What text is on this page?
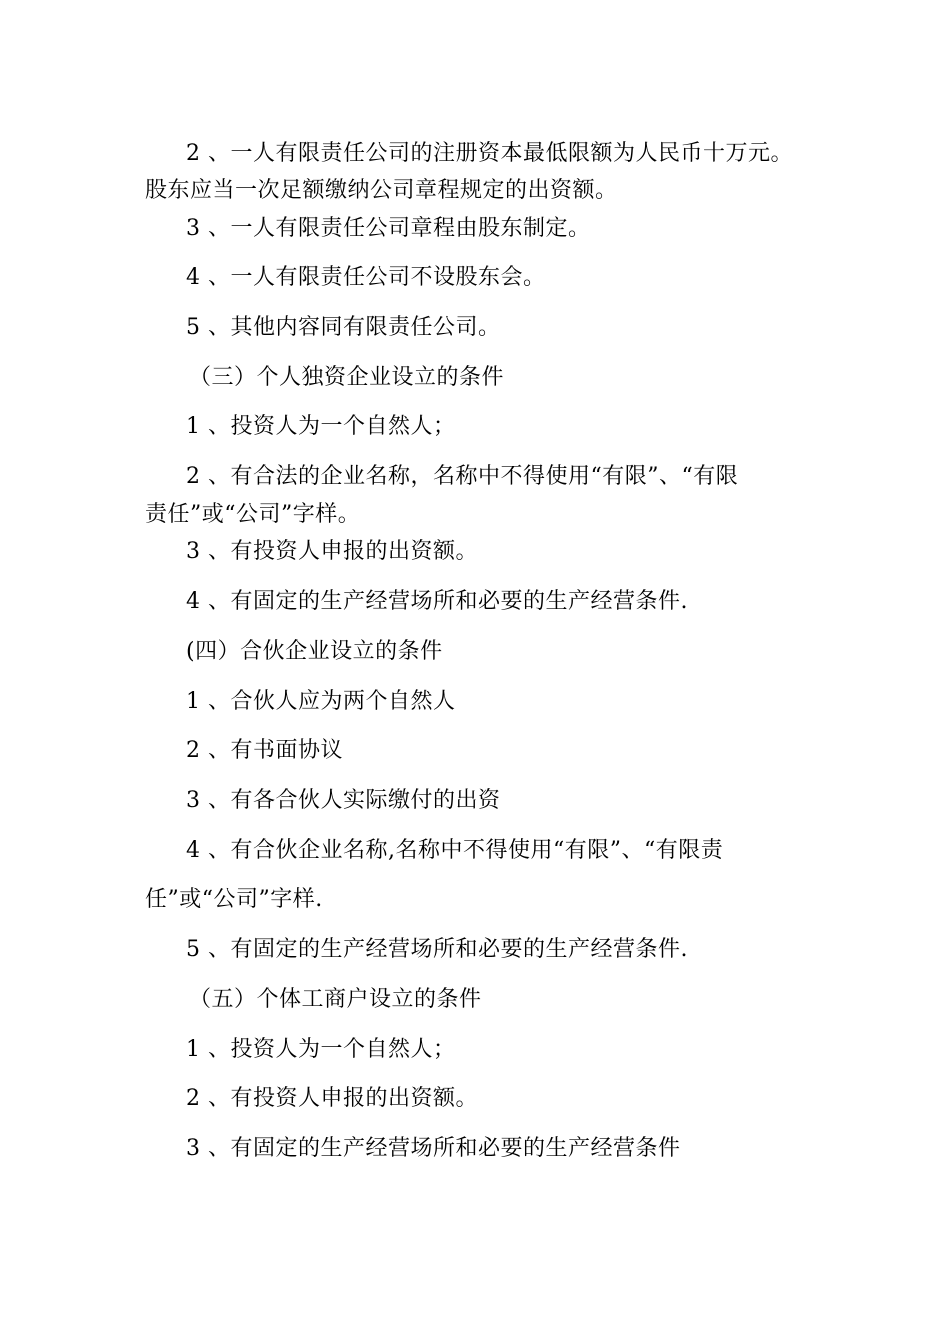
2 、一人有限责任公司的注册资本最低限额为人民币十万元。
股东应当一次足额缴纳公司章程规定的出资额。
3 、一人有限责任公司章程由股东制定。
4 、一人有限责任公司不设股东会。
5 、其他内容同有限责任公司。
（三）个人独资企业设立的条件
1 、投资人为一个自然人；
2 、有合法的企业名称，名称中不得使用“有限”、“有限
责任”或“公司”字样。
3 、有投资人申报的出资额。
4 、有固定的生产经营场所和必要的生产经营条件.
(四）合伙企业设立的条件
1 、合伙人应为两个自然人
2 、有书面协议
3 、有各合伙人实际缴付的出资
4 、有合伙企业名称,名称中不得使用“有限”、“有限责
任”或“公司”字样.
5 、有固定的生产经营场所和必要的生产经营条件.
（五）个体工商户设立的条件
1 、投资人为一个自然人；
2 、有投资人申报的出资额。
3 、有固定的生产经营场所和必要的生产经营条件
